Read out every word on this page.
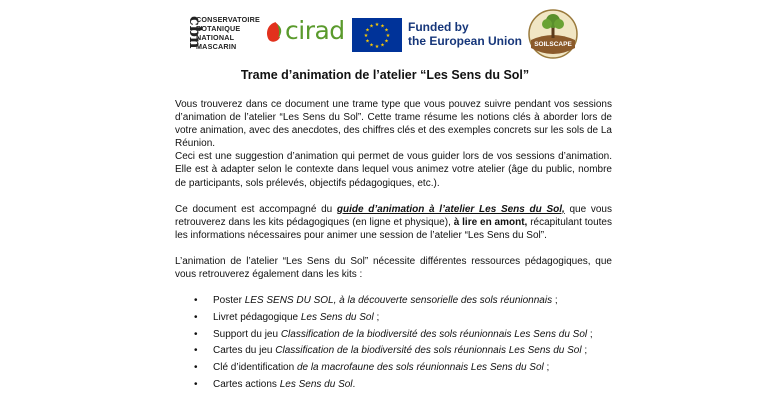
cbn
CONSERVATOIRE
BOTANIQUE
NATIONAL
MASCARIN
cirad	★ ★
★
★
★
★
★
★
★
★
★
★	Funded by
the European Union SOILSCAPE
Trame d’animation de l’atelier “Les Sens du Sol”

Vous trouverez dans ce document une trame type que vous pouvez suivre pendant vos sessions d’animation de l’atelier “Les Sens du Sol”. Cette trame résume les notions clés à aborder lors de votre animation, avec des anecdotes, des chiffres clés et des exemples concrets sur les sols de La Réunion.

Ceci est une suggestion d’animation qui permet de vous guider lors de vos sessions d’animation. Elle est à adapter selon le contexte dans lequel vous animez votre atelier (âge du public, nombre de participants, sols prélevés, objectifs pédagogiques, etc.).

Ce document est accompagné du guide d’animation à l’atelier Les Sens du Sol, que vous retrouverez dans les kits pédagogiques (en ligne et physique), à lire en amont, récapitulant toutes les informations nécessaires pour animer une session de l’atelier “Les Sens du Sol”.

L’animation de l’atelier “Les Sens du Sol” nécessite différentes ressources pédagogiques, que vous retrouverez également dans les kits :

• Poster LES SENS DU SOL, à la découverte sensorielle des sols réunionnais ;
• Livret pédagogique Les Sens du Sol ;
• Support du jeu Classification de la biodiversité des sols réunionnais Les Sens du Sol ;
• Cartes du jeu Classification de la biodiversité des sols réunionnais Les Sens du Sol ;
• Clé d’identification de la macrofaune des sols réunionnais Les Sens du Sol ;
• Cartes actions Les Sens du Sol.
